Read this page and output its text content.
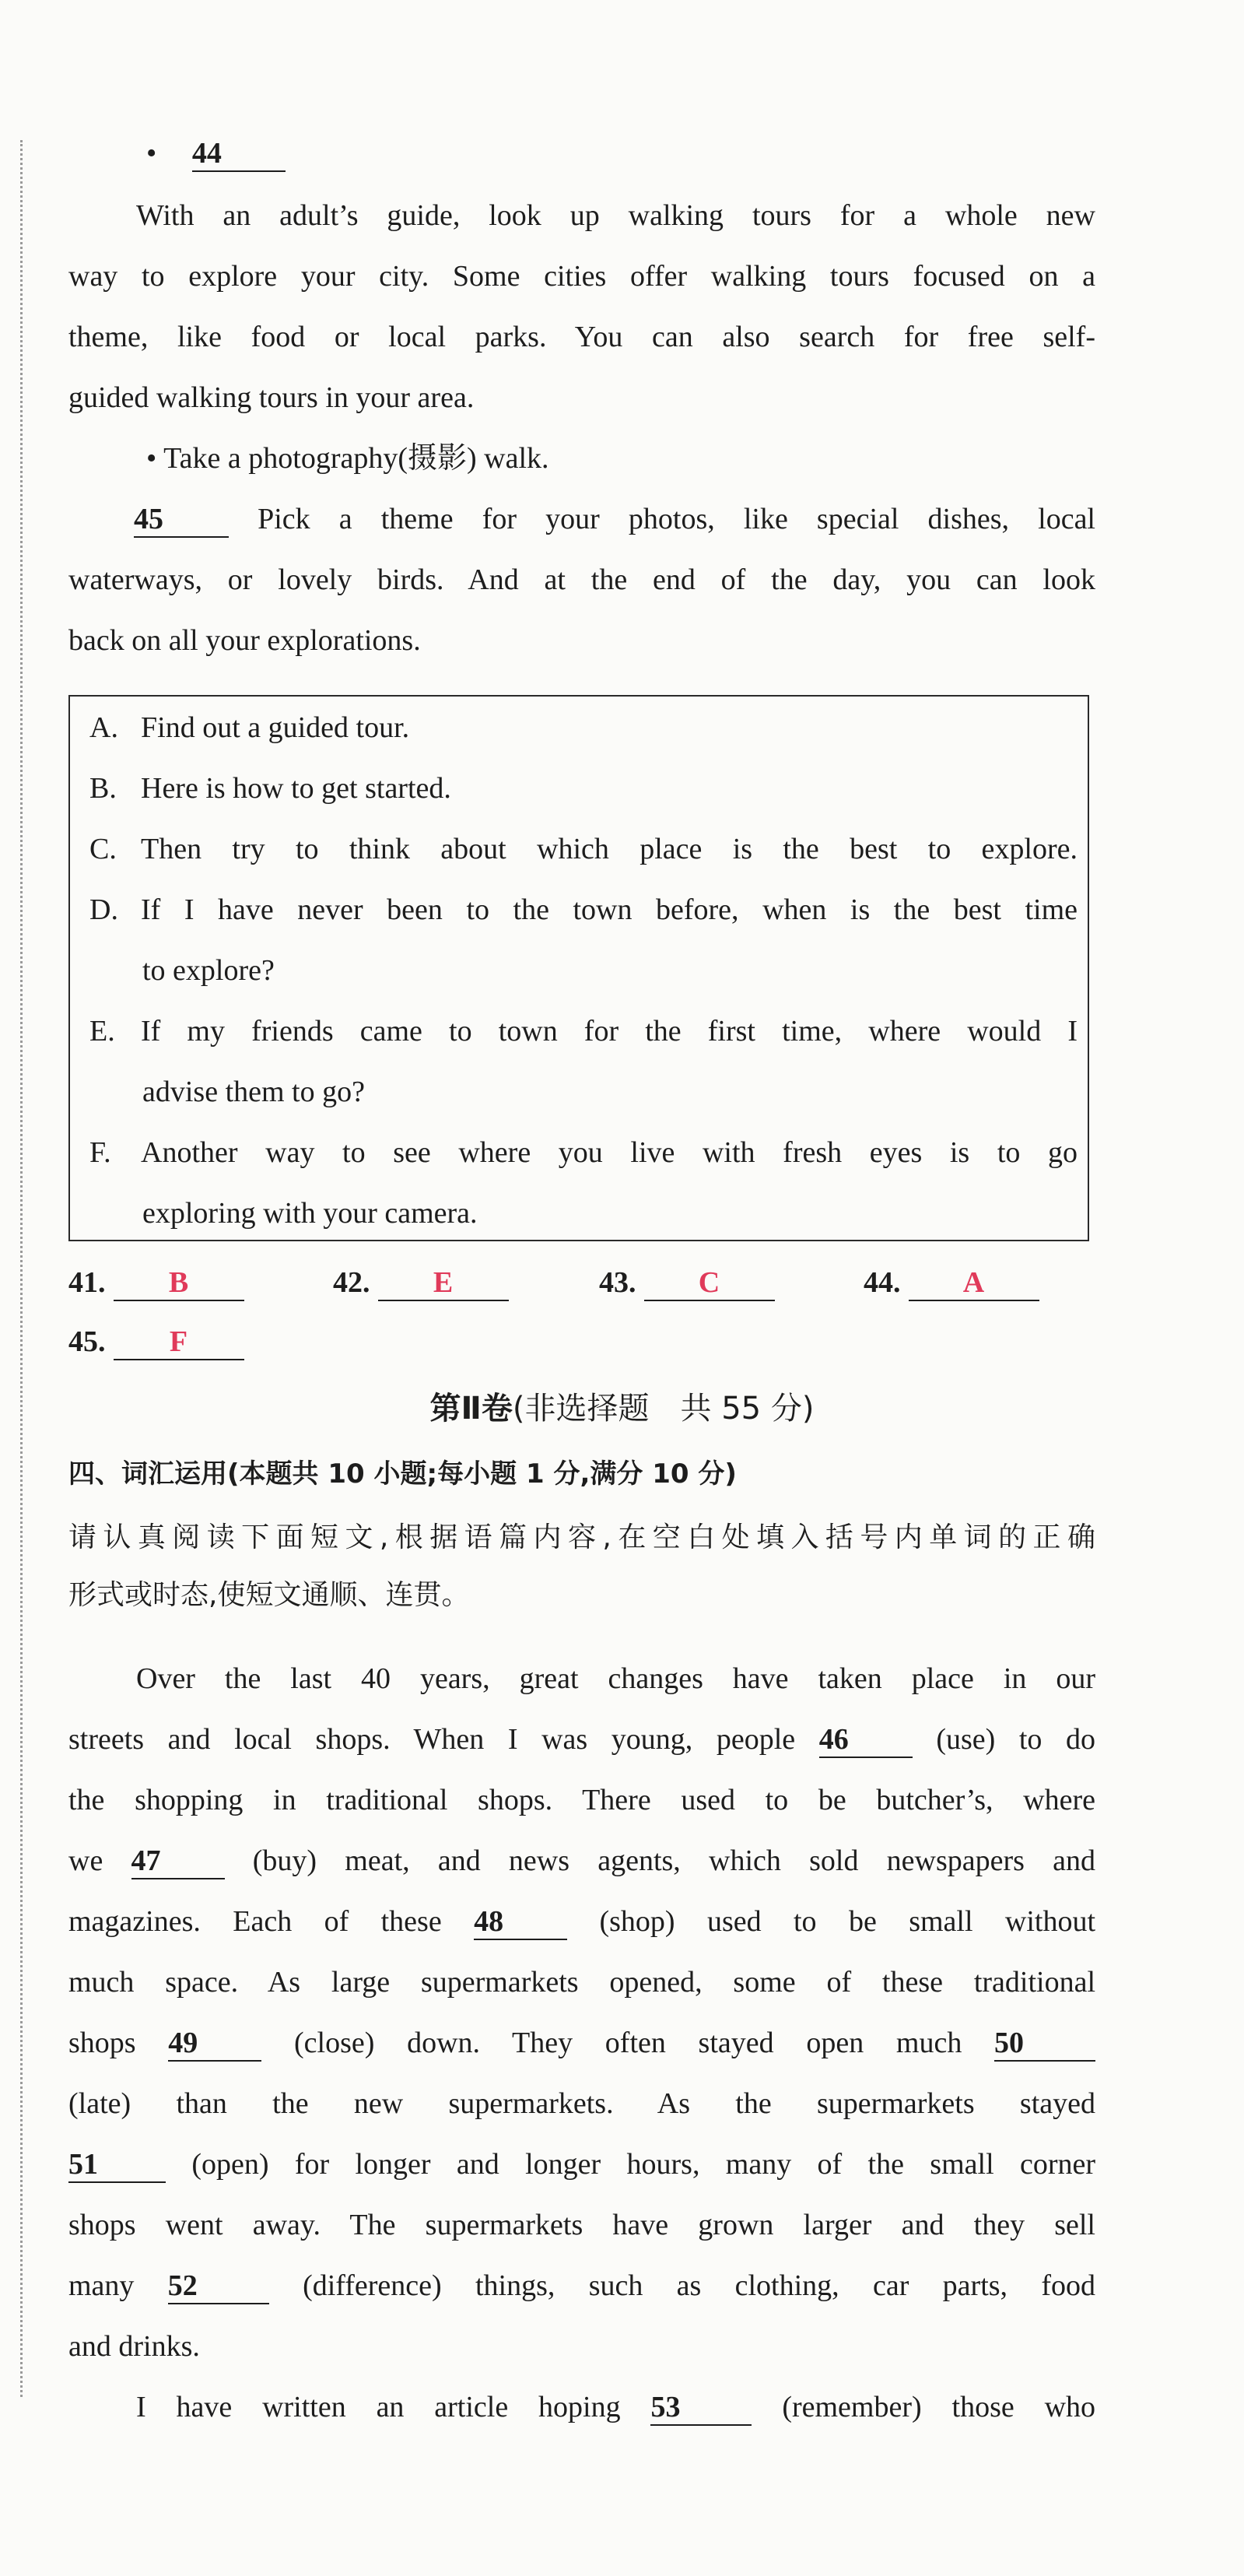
• 44
With an adult’s guide, look up walking tours for a whole new
way to explore your city. Some cities offer walking tours focused on a
theme, like food or local parks. You can also search for free self-
guided walking tours in your area.
• Take a photography(摄影) walk.
45	Pick a theme for your photos, like special dishes, local
waterways, or lovely birds. And at the end of the day, you can look
back on all your explorations.
A. Find out a guided tour.
B. Here is how to get started.
C. Then try to think about which place is the best to explore.
D. If I have never been to the town before, when is the best time
to explore?
E. If my friends came to town for the first time, where would I
advise them to go?
F. Another way to see where you live with fresh eyes is to go
exploring with your camera.
41. B	42. E	43. C	44. A
45. F
第Ⅱ卷(非选择题　共 55 分)
四、词汇运用(本题共 10 小题;每小题 1 分,满分 10 分)
请认真阅读下面短文,根据语篇内容,在空白处填入括号内单词的正确
形式或时态,使短文通顺、连贯。
Over the last 40 years, great changes have taken place in our
streets and local shops. When I was young, people 46	(use) to do
the shopping in traditional shops. There used to be butcher’s, where
we 47	(buy) meat, and news agents, which sold newspapers and
magazines. Each of these 48	(shop) used to be small without
much space. As large supermarkets opened, some of these traditional
shops 49	(close) down. They often stayed open much 50
(late) than the new supermarkets. As the supermarkets stayed
51	(open) for longer and longer hours, many of the small corner
shops went away. The supermarkets have grown larger and they sell
many 52	(difference) things, such as clothing, car parts, food
and drinks.
I have written an article hoping 53	(remember) those who
